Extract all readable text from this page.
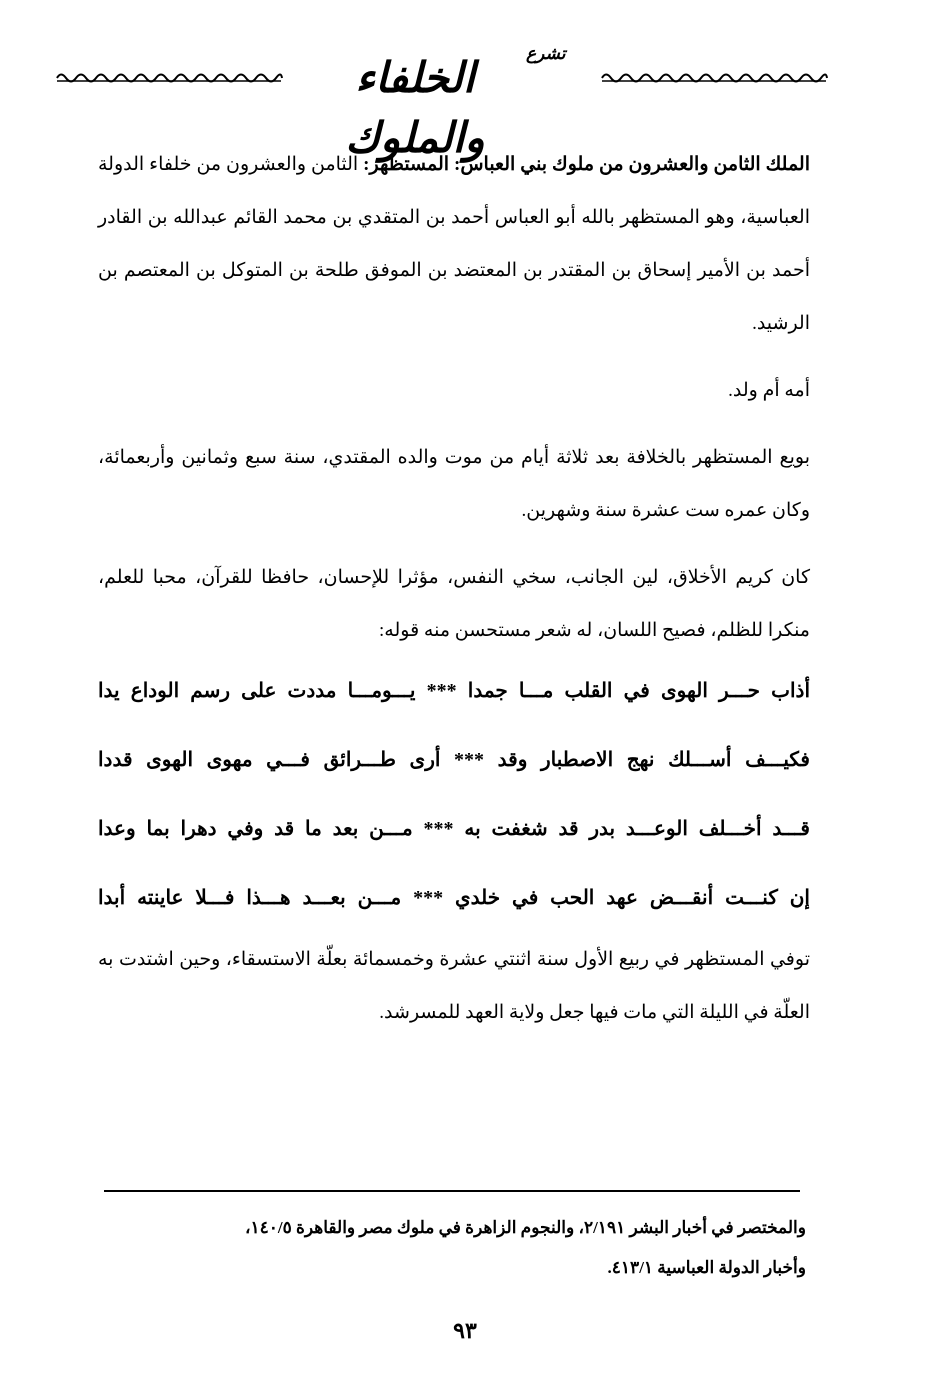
تشرع
الخلفاء والملوك

الملك الثامن والعشرون من ملوك بني العباس: المستظهر: الثامن والعشرون من خلفاء الدولة العباسية، وهو المستظهر بالله أبو العباس أحمد بن المتقدي بن محمد القائم عبدالله بن القادر أحمد بن الأمير إسحاق بن المقتدر بن المعتضد بن الموفق طلحة بن المتوكل بن المعتصم بن الرشيد.

أمه أم ولد.

بويع المستظهر بالخلافة بعد ثلاثة أيام من موت والده المقتدي، سنة سبع وثمانين وأربعمائة، وكان عمره ست عشرة سنة وشهرين.

كان كريم الأخلاق، لين الجانب، سخي النفس، مؤثرا للإحسان، حافظا للقرآن، محبا للعلم، منكرا للظلم، فصيح اللسان، له شعر مستحسن منه قوله:

أذاب حـــر الهوى في القلب مـــا جمدا *** يـــومـــا مددت على رسم الوداع يدا

فكيـــف أســـلك نهج الاصطبار وقد *** أرى طـــرائق فـــي مهوى الهوى قددا

قـــد أخـــلف الوعـــد بدر قد شغفت به *** مـــن بعد ما قد وفي دهرا بما وعدا

إن كنـــت أنقـــض عهد الحب في خلدي *** مـــن بعـــد هـــذا فـــلا عاينته أبدا

توفي المستظهر في ربيع الأول سنة اثنتي عشرة وخمسمائة بعلّة الاستسقاء، وحين اشتدت به العلّة في الليلة التي مات فيها جعل ولاية العهد للمسرشد.

والمختصر في أخبار البشر ٢/١٩١، والنجوم الزاهرة في ملوك مصر والقاهرة ١٤٠/٥،

وأخبار الدولة العباسية ٤١٣/١.

٩٣
